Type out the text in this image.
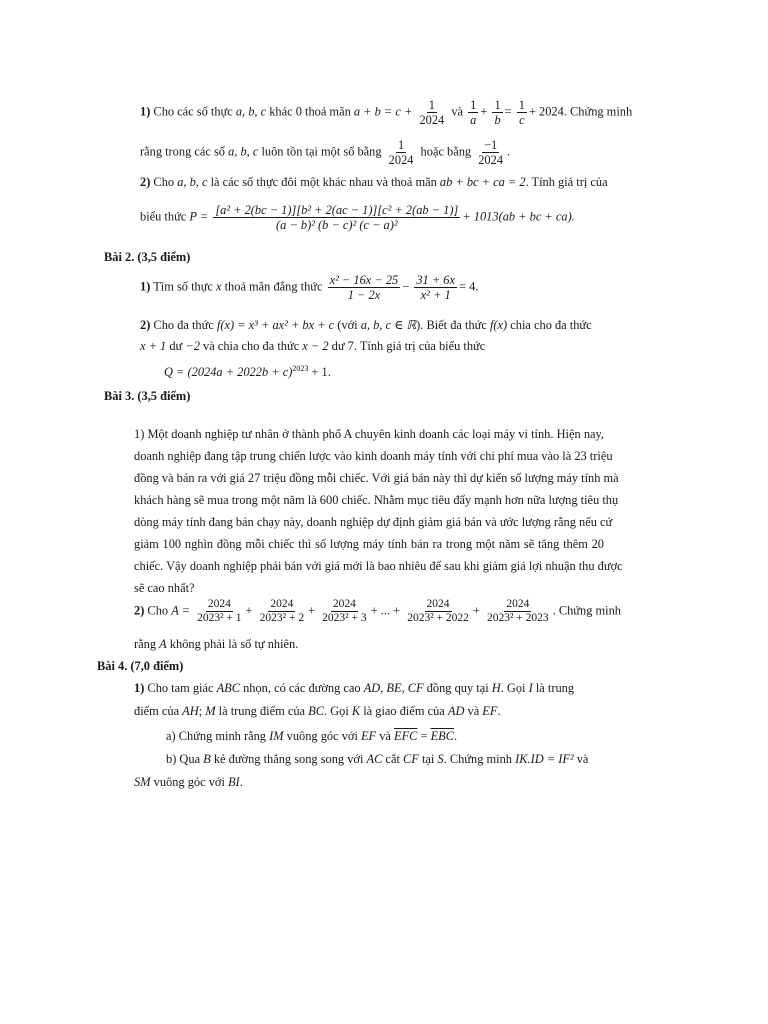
1) Cho các số thực a, b, c khác 0 thoả mãn $a + b = c + \frac{1}{2024}$ và $\frac{1}{a} + \frac{1}{b} = \frac{1}{c} + 2024$. Chứng minh
rằng trong các số a, b, c luôn tồn tại một số bằng $\frac{1}{2024}$ hoặc bằng $\frac{-1}{2024}$ .
2) Cho a, b, c là các số thực đôi một khác nhau và thoả mãn ab + bc + ca = 2. Tính giá trị của
biểu thức $P = \frac{\text{[a² + 2(bc − 1)][b² + 2(ac − 1)][c² + 2(ab − 1)]}}{\text{(a − b)² (b − c)² (c − a)²}} + 1013(ab$ + bc + ca).
Bài 2. (3,5 điểm)
1) Tìm số thực x thoả mãn đẳng thức $\frac{\text{x² − 16x − 25}}{1 - 2x} - \frac{31 + 6x}{\text{x² + 1}} = 4$.
2) Cho đa thức f(x) = x³ + ax² + bx + c (với a, b, c ∈ ℝ). Biết đa thức f(x) chia cho đa thức
x + 1 dư −2 và chia cho đa thức x − 2 dư 7. Tính giá trị của biểu thức
$Q = (2024a + 2022b + c)^{2023} + 1$.
Bài 3. (3,5 điểm)
1) Một doanh nghiệp tư nhân ở thành phố A chuyên kinh doanh các loại máy vi tính. Hiện nay,
doanh nghiệp đang tập trung chiến lược vào kinh doanh máy tính với chi phí mua vào là 23 triệu
đồng và bán ra với giá 27 triệu đồng mỗi chiếc. Với giá bán này thì dự kiến số lượng máy tính mà
khách hàng sẽ mua trong một năm là 600 chiếc. Nhằm mục tiêu đẩy mạnh hơn nữa lượng tiêu thụ
dòng máy tính đang bán chạy này, doanh nghiệp dự định giảm giá bán và ước lượng rằng nếu cứ
giảm 100 nghìn đồng mỗi chiếc thì số lượng máy tính bán ra trong một năm sẽ tăng thêm 20
chiếc. Vậy doanh nghiệp phải bán với giá mới là bao nhiêu để sau khi giảm giá lợi nhuận thu được
sẽ cao nhất?
2) Cho $A = \frac{2024}{\text{2023² + 1}} + \frac{2024}{\text{2023² + 2}} + \frac{2024}{\text{2023² + 3}}$ + ... + $\frac{2024}{\text{2023² + 2022}} + \frac{2024}{\text{2023² + 2023}}$ . Chứng minh
rằng A không phải là số tự nhiên.
Bài 4. (7,0 điểm)
1) Cho tam giác ABC nhọn, có các đường cao AD, BE, CF đồng quy tại H. Gọi I là trung
điểm của AH; M là trung điểm của BC. Gọi K là giao điểm của AD và EF.
a) Chứng minh rằng IM vuông góc với EF và $\overline{EFC} = \overline{EBC}$.
b) Qua B kẻ đường thẳng song song với AC cắt CF tại S. Chứng minh IK.ID = IF² và
SM vuông góc với BI.
